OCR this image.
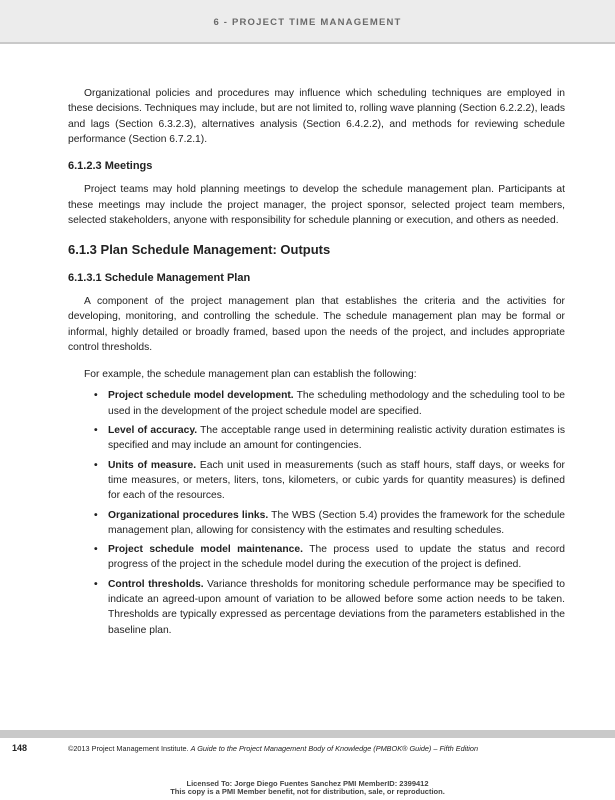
6 - PROJECT TIME MANAGEMENT

Organizational policies and procedures may influence which scheduling techniques are employed in these decisions. Techniques may include, but are not limited to, rolling wave planning (Section 6.2.2.2), leads and lags (Section 6.3.2.3), alternatives analysis (Section 6.4.2.2), and methods for reviewing schedule performance (Section 6.7.2.1).

6.1.2.3 Meetings

Project teams may hold planning meetings to develop the schedule management plan. Participants at these meetings may include the project manager, the project sponsor, selected project team members, selected stakeholders, anyone with responsibility for schedule planning or execution, and others as needed.

6.1.3 Plan Schedule Management: Outputs
6.1.3.1 Schedule Management Plan

A component of the project management plan that establishes the criteria and the activities for developing, monitoring, and controlling the schedule. The schedule management plan may be formal or informal, highly detailed or broadly framed, based upon the needs of the project, and includes appropriate control thresholds.

For example, the schedule management plan can establish the following:

• Project schedule model development. The scheduling methodology and the scheduling tool to be used in the development of the project schedule model are specified.
• Level of accuracy. The acceptable range used in determining realistic activity duration estimates is specified and may include an amount for contingencies.
• Units of measure. Each unit used in measurements (such as staff hours, staff days, or weeks for time measures, or meters, liters, tons, kilometers, or cubic yards for quantity measures) is defined for each of the resources.
• Organizational procedures links. The WBS (Section 5.4) provides the framework for the schedule management plan, allowing for consistency with the estimates and resulting schedules.
• Project schedule model maintenance. The process used to update the status and record progress of the project in the schedule model during the execution of the project is defined.
• Control thresholds. Variance thresholds for monitoring schedule performance may be specified to indicate an agreed-upon amount of variation to be allowed before some action needs to be taken. Thresholds are typically expressed as percentage deviations from the parameters established in the baseline plan.
148	©2013 Project Management Institute. A Guide to the Project Management Body of Knowledge (PMBOK® Guide) – Fifth Edition
Licensed To: Jorge Diego Fuentes Sanchez PMI MemberID: 2399412
This copy is a PMI Member benefit, not for distribution, sale, or reproduction.
